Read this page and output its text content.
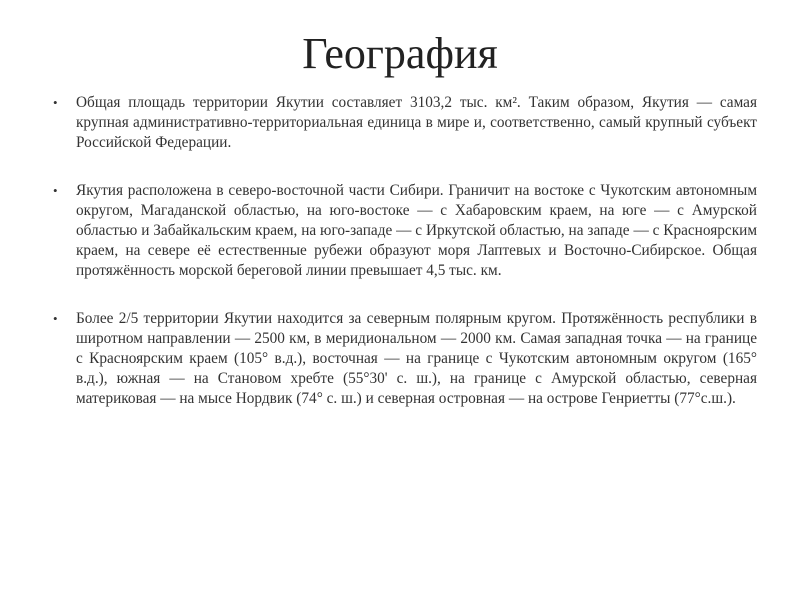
География
• Общая площадь территории Якутии составляет 3103,2 тыс. км². Таким образом, Якутия — самая крупная административно-территориальная единица в мире и, соответственно, самый крупный субъект Российской Федерации.
• Якутия расположена в северо-восточной части Сибири. Граничит на востоке с Чукотским автономным округом, Магаданской областью, на юго-востоке — с Хабаровским краем, на юге — с Амурской областью и Забайкальским краем, на юго-западе — с Иркутской областью, на западе — с Красноярским краем, на севере её естественные рубежи образуют моря Лаптевых и Восточно-Сибирское. Общая протяжённость морской береговой линии превышает 4,5 тыс. км.
• Более 2/5 территории Якутии находится за северным полярным кругом. Протяжённость республики в широтном направлении — 2500 км, в меридиональном — 2000 км. Самая западная точка — на границе с Красноярским краем (105° в.д.), восточная — на границе с Чукотским автономным округом (165° в.д.), южная — на Становом хребте (55°30' с. ш.), на границе с Амурской областью, северная материковая — на мысе Нордвик (74° с. ш.) и северная островная — на острове Генриетты (77°с.ш.).
